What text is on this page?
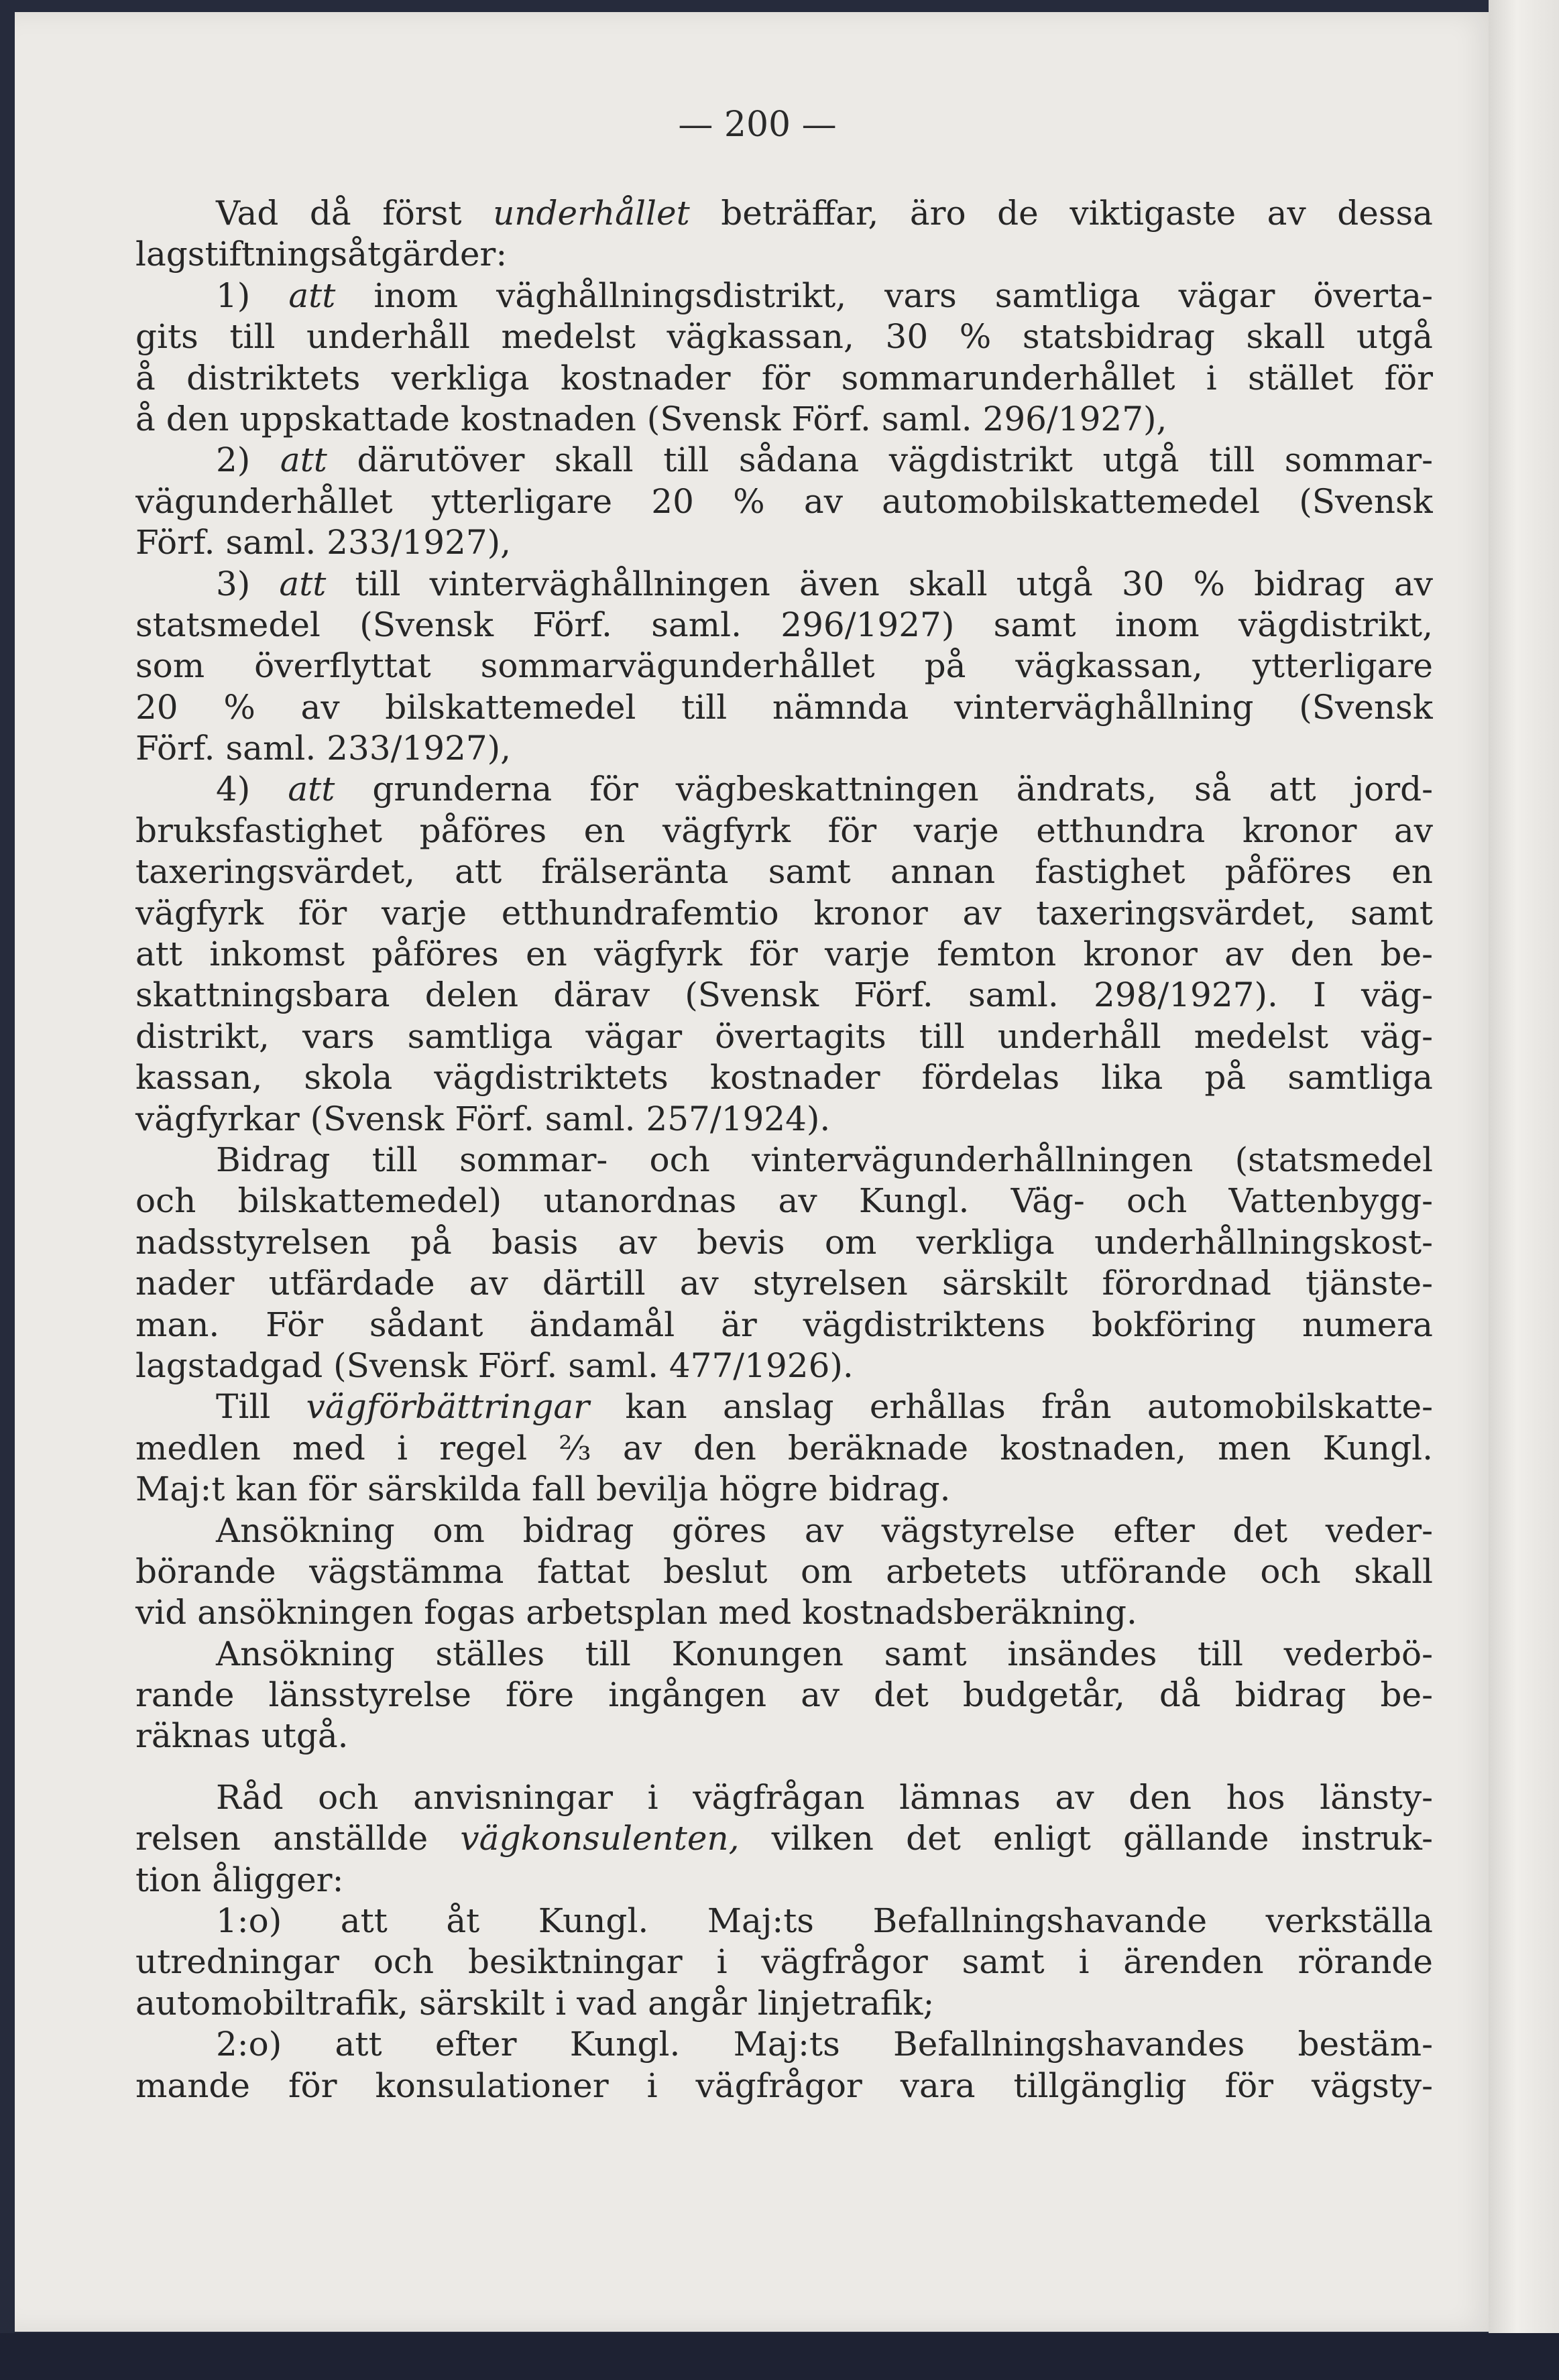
— 200 —
Vad då först underhållet beträffar, äro de viktigaste av dessa
lagstiftningsåtgärder:
1) att inom väghållningsdistrikt, vars samtliga vägar överta-
gits till underhåll medelst vägkassan, 30 % statsbidrag skall utgå
å distriktets verkliga kostnader för sommarunderhållet i stället för
å den uppskattade kostnaden (Svensk Förf. saml. 296/1927),
2) att därutöver skall till sådana vägdistrikt utgå till sommar-
vägunderhållet ytterligare 20 % av automobilskattemedel (Svensk
Förf. saml. 233/1927),
3) att till vinterväghållningen även skall utgå 30 % bidrag av
statsmedel (Svensk Förf. saml. 296/1927) samt inom vägdistrikt,
som överflyttat sommarvägunderhållet på vägkassan, ytterligare
20 % av bilskattemedel till nämnda vinterväghållning (Svensk
Förf. saml. 233/1927),
4) att grunderna för vägbeskattningen ändrats, så att jord-
bruksfastighet påföres en vägfyrk för varje etthundra kronor av
taxeringsvärdet, att frälseränta samt annan fastighet påföres en
vägfyrk för varje etthundrafemtio kronor av taxeringsvärdet, samt
att inkomst påföres en vägfyrk för varje femton kronor av den be-
skattningsbara delen därav (Svensk Förf. saml. 298/1927). I väg-
distrikt, vars samtliga vägar övertagits till underhåll medelst väg-
kassan, skola vägdistriktets kostnader fördelas lika på samtliga
vägfyrkar (Svensk Förf. saml. 257/1924).
Bidrag till sommar- och vintervägunderhållningen (statsmedel
och bilskattemedel) utanordnas av Kungl. Väg- och Vattenbygg-
nadsstyrelsen på basis av bevis om verkliga underhållningskost-
nader utfärdade av därtill av styrelsen särskilt förordnad tjänste-
man. För sådant ändamål är vägdistriktens bokföring numera
lagstadgad (Svensk Förf. saml. 477/1926).
Till vägförbättringar kan anslag erhållas från automobilskatte-
medlen med i regel ⅔ av den beräknade kostnaden, men Kungl.
Maj:t kan för särskilda fall bevilja högre bidrag.
Ansökning om bidrag göres av vägstyrelse efter det veder-
börande vägstämma fattat beslut om arbetets utförande och skall
vid ansökningen fogas arbetsplan med kostnadsberäkning.
Ansökning ställes till Konungen samt insändes till vederbö-
rande länsstyrelse före ingången av det budgetår, då bidrag be-
räknas utgå.
Råd och anvisningar i vägfrågan lämnas av den hos länsty-
relsen anställde vägkonsulenten, vilken det enligt gällande instruk-
tion åligger:
1:o) att åt Kungl. Maj:ts Befallningshavande verkställa
utredningar och besiktningar i vägfrågor samt i ärenden rörande
automobiltrafik, särskilt i vad angår linjetrafik;
2:o) att efter Kungl. Maj:ts Befallningshavandes bestäm-
mande för konsulationer i vägfrågor vara tillgänglig för vägsty-
